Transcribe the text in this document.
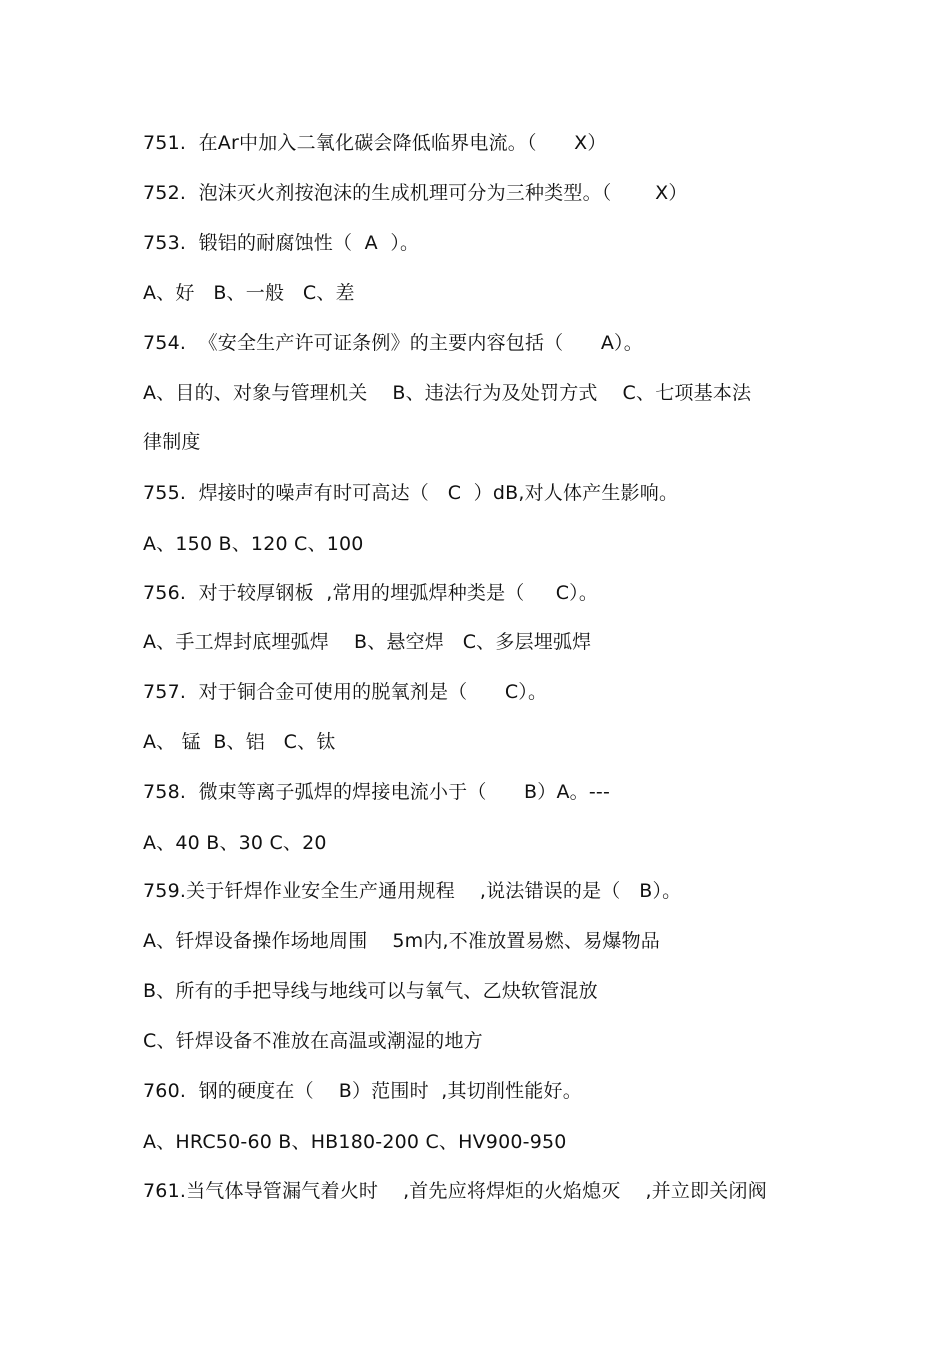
751.  在Ar中加入二氧化碳会降低临界电流。（      X）
752.  泡沫灭火剂按泡沫的生成机理可分为三种类型。（       X）
753.  锻铝的耐腐蚀性（  A  ）。
A、好   B、一般   C、差
754.  《安全生产许可证条例》的主要内容包括（      A）。
A、目的、对象与管理机关    B、违法行为及处罚方式    C、七项基本法
律制度
755.  焊接时的噪声有时可高达（   C  ）dB,对人体产生影响。
A、150 B、120 C、100
756.  对于较厚钢板  ,常用的埋弧焊种类是（     C）。
A、手工焊封底埋弧焊    B、悬空焊   C、多层埋弧焊
757.  对于铜合金可使用的脱氧剂是（      C）。
A、 锰  B、铝   C、钛
758.  微束等离子弧焊的焊接电流小于（      B）A。---
A、40 B、30 C、20
759.关于钎焊作业安全生产通用规程    ,说法错误的是（   B）。
A、钎焊设备操作场地周围    5m内,不准放置易燃、易爆物品
B、所有的手把导线与地线可以与氧气、乙炔软管混放
C、钎焊设备不准放在高温或潮湿的地方
760.  钢的硬度在（    B）范围时  ,其切削性能好。
A、HRC50-60 B、HB180-200 C、HV900-950
761.当气体导管漏气着火时    ,首先应将焊炬的火焰熄灭    ,并立即关闭阀
